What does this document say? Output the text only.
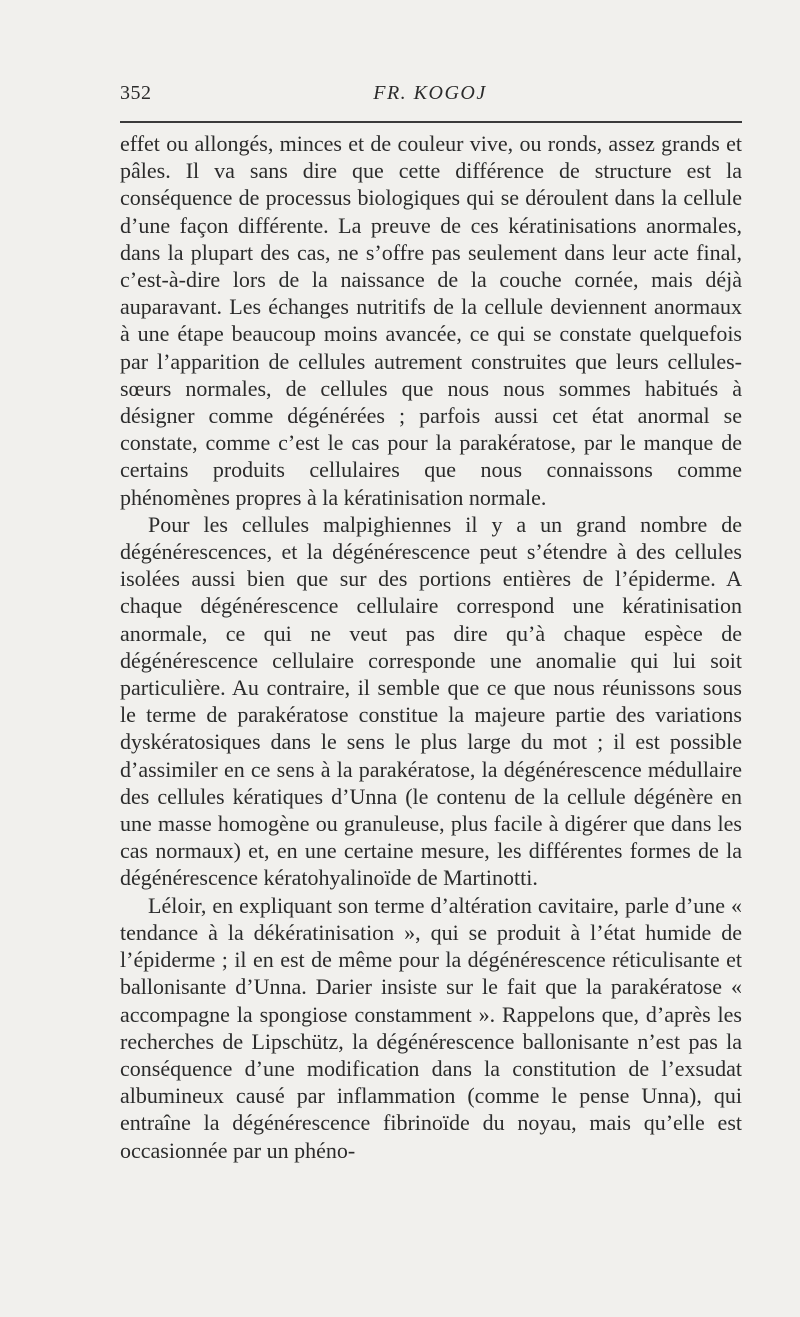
352	FR. KOGOJ

effet ou allongés, minces et de couleur vive, ou ronds, assez grands et pâles. Il va sans dire que cette différence de structure est la conséquence de processus biologiques qui se déroulent dans la cellule d’une façon différente. La preuve de ces kératinisations anormales, dans la plupart des cas, ne s’offre pas seulement dans leur acte final, c’est-à-dire lors de la naissance de la couche cornée, mais déjà auparavant. Les échanges nutritifs de la cellule deviennent anormaux à une étape beaucoup moins avancée, ce qui se constate quelquefois par l’apparition de cellules autrement construites que leurs cellules-sœurs normales, de cellules que nous nous sommes habitués à désigner comme dégénérées ; parfois aussi cet état anormal se constate, comme c’est le cas pour la parakératose, par le manque de certains produits cellulaires que nous connaissons comme phénomènes propres à la kératinisation normale.

Pour les cellules malpighiennes il y a un grand nombre de dégénérescences, et la dégénérescence peut s’étendre à des cellules isolées aussi bien que sur des portions entières de l’épiderme. A chaque dégénérescence cellulaire correspond une kératinisation anormale, ce qui ne veut pas dire qu’à chaque espèce de dégénérescence cellulaire corresponde une anomalie qui lui soit particulière. Au contraire, il semble que ce que nous réunissons sous le terme de parakératose constitue la majeure partie des variations dyskératosiques dans le sens le plus large du mot ; il est possible d’assimiler en ce sens à la parakératose, la dégénérescence médullaire des cellules kératiques d’Unna (le contenu de la cellule dégénère en une masse homogène ou granuleuse, plus facile à digérer que dans les cas normaux) et, en une certaine mesure, les différentes formes de la dégénérescence kératohyalinoïde de Martinotti.

Léloir, en expliquant son terme d’altération cavitaire, parle d’une « tendance à la dékératinisation », qui se produit à l’état humide de l’épiderme ; il en est de même pour la dégénérescence réticulisante et ballonisante d’Unna. Darier insiste sur le fait que la parakératose « accompagne la spongiose constamment ». Rappelons que, d’après les recherches de Lipschütz, la dégénérescence ballonisante n’est pas la conséquence d’une modification dans la constitution de l’exsudat albumineux causé par inflammation (comme le pense Unna), qui entraîne la dégénérescence fibrinoïde du noyau, mais qu’elle est occasionnée par un phéno-
